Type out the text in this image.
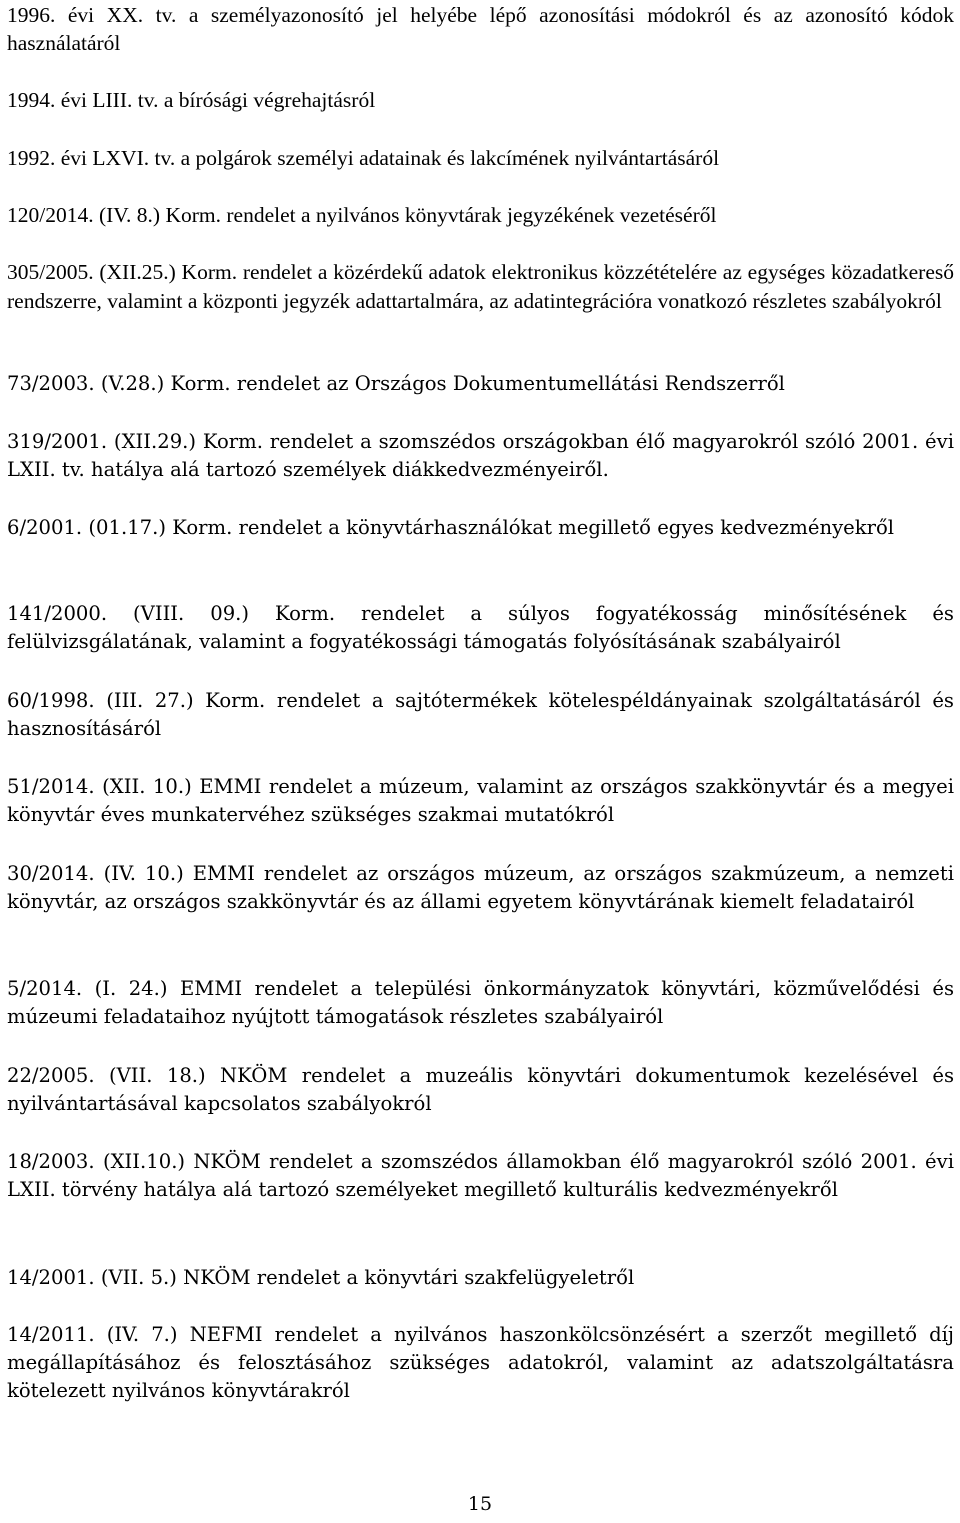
1996. évi XX. tv. a személyazonosító jel helyébe lépő azonosítási módokról és az azonosító kódok használatáról

1994. évi LIII. tv. a bírósági végrehajtásról

1992. évi LXVI. tv. a polgárok személyi adatainak és lakcímének nyilvántartásáról

120/2014. (IV. 8.) Korm. rendelet a nyilvános könyvtárak jegyzékének vezetéséről

305/2005. (XII.25.) Korm. rendelet a közérdekű adatok elektronikus közzétételére az egységes közadatkereső rendszerre, valamint a központi jegyzék adattartalmára, az adatintegrációra vonatkozó részletes szabályokról

73/2003. (V.28.) Korm. rendelet az Országos Dokumentumellátási Rendszerről

319/2001. (XII.29.) Korm. rendelet a szomszédos országokban élő magyarokról szóló 2001. évi LXII. tv. hatálya alá tartozó személyek diákkedvezményeiről.

6/2001. (01.17.) Korm. rendelet a könyvtárhasználókat megillető egyes kedvezményekről

141/2000. (VIII. 09.) Korm. rendelet a súlyos fogyatékosság minősítésének és felülvizsgálatának, valamint a fogyatékossági támogatás folyósításának szabályairól

60/1998. (III. 27.) Korm. rendelet a sajtótermékek kötelespéldányainak szolgáltatásáról és hasznosításáról

51/2014. (XII. 10.) EMMI rendelet a múzeum, valamint az országos szakkönyvtár és a megyei könyvtár éves munkatervéhez szükséges szakmai mutatókról

30/2014. (IV. 10.) EMMI rendelet az országos múzeum, az országos szakmúzeum, a nemzeti könyvtár, az országos szakkönyvtár és az állami egyetem könyvtárának kiemelt feladatairól

5/2014. (I. 24.) EMMI rendelet a települési önkormányzatok könyvtári, közművelődési és múzeumi feladataihoz nyújtott támogatások részletes szabályairól

22/2005. (VII. 18.) NKÖM rendelet a muzeális könyvtári dokumentumok kezelésével és nyilvántartásával kapcsolatos szabályokról

18/2003. (XII.10.) NKÖM rendelet a szomszédos államokban élő magyarokról szóló 2001. évi LXII. törvény hatálya alá tartozó személyeket megillető kulturális kedvezményekről

14/2001. (VII. 5.) NKÖM rendelet a könyvtári szakfelügyeletről

14/2011. (IV. 7.) NEFMI rendelet a nyilvános haszonkölcsönzésért a szerzőt megillető díj megállapításához és felosztásához szükséges adatokról, valamint az adatszolgáltatásra kötelezett nyilvános könyvtárakról

15
